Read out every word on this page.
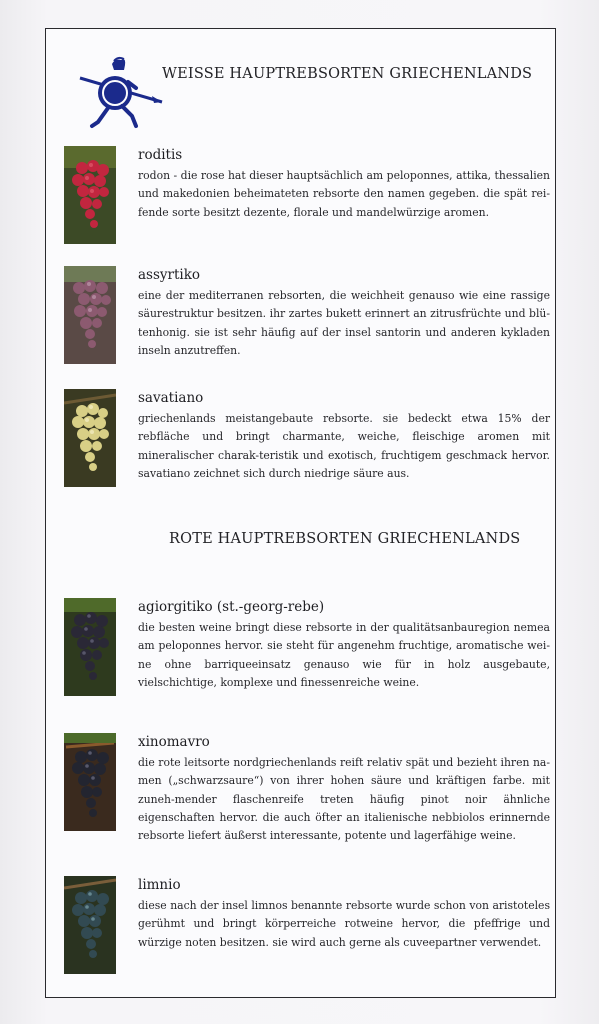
WEISSE HAUPTREBSORTEN GRIECHENLANDS
roditis

rodon - die rose hat dieser hauptsächlich am peloponnes, attika, thessalien und makedonien beheimateten rebsorte den namen gegeben. die spät rei-fende sorte besitzt dezente, florale und mandelwürzige aromen.

assyrtiko

eine der mediterranen rebsorten, die weichheit genauso wie eine rassige säurestruktur besitzen. ihr zartes bukett erinnert an zitrusfrüchte und blü-tenhonig. sie ist sehr häufig auf der insel santorin und anderen kykladen inseln anzutreffen.

savatiano

griechenlands meistangebaute rebsorte. sie bedeckt etwa 15% der rebfläche und bringt charmante, weiche, fleischige aromen mit mineralischer charak-teristik und exotisch, fruchtigem geschmack hervor. savatiano zeichnet sich durch niedrige säure aus.

ROTE HAUPTREBSORTEN GRIECHENLANDS
agiorgitiko (st.-georg-rebe)

die besten weine bringt diese rebsorte in der qualitätsanbauregion nemea am peloponnes hervor. sie steht für angenehm fruchtige, aromatische wei-ne ohne barriqueeinsatz genauso wie für in holz ausgebaute, vielschichtige, komplexe und finessenreiche weine.

xinomavro

die rote leitsorte nordgriechenlands reift relativ spät und bezieht ihren na-men („schwarzsaure“) von ihrer hohen säure und kräftigen farbe. mit zuneh-mender flaschenreife treten häufig pinot noir ähnliche eigenschaften hervor. die auch öfter an italienische nebbiolos erinnernde rebsorte liefert äußerst interessante, potente und lagerfähige weine.

limnio

diese nach der insel limnos benannte rebsorte wurde schon von aristoteles gerühmt und bringt körperreiche rotweine hervor, die pfeffrige und würzige noten besitzen. sie wird auch gerne als cuveepartner verwendet.
